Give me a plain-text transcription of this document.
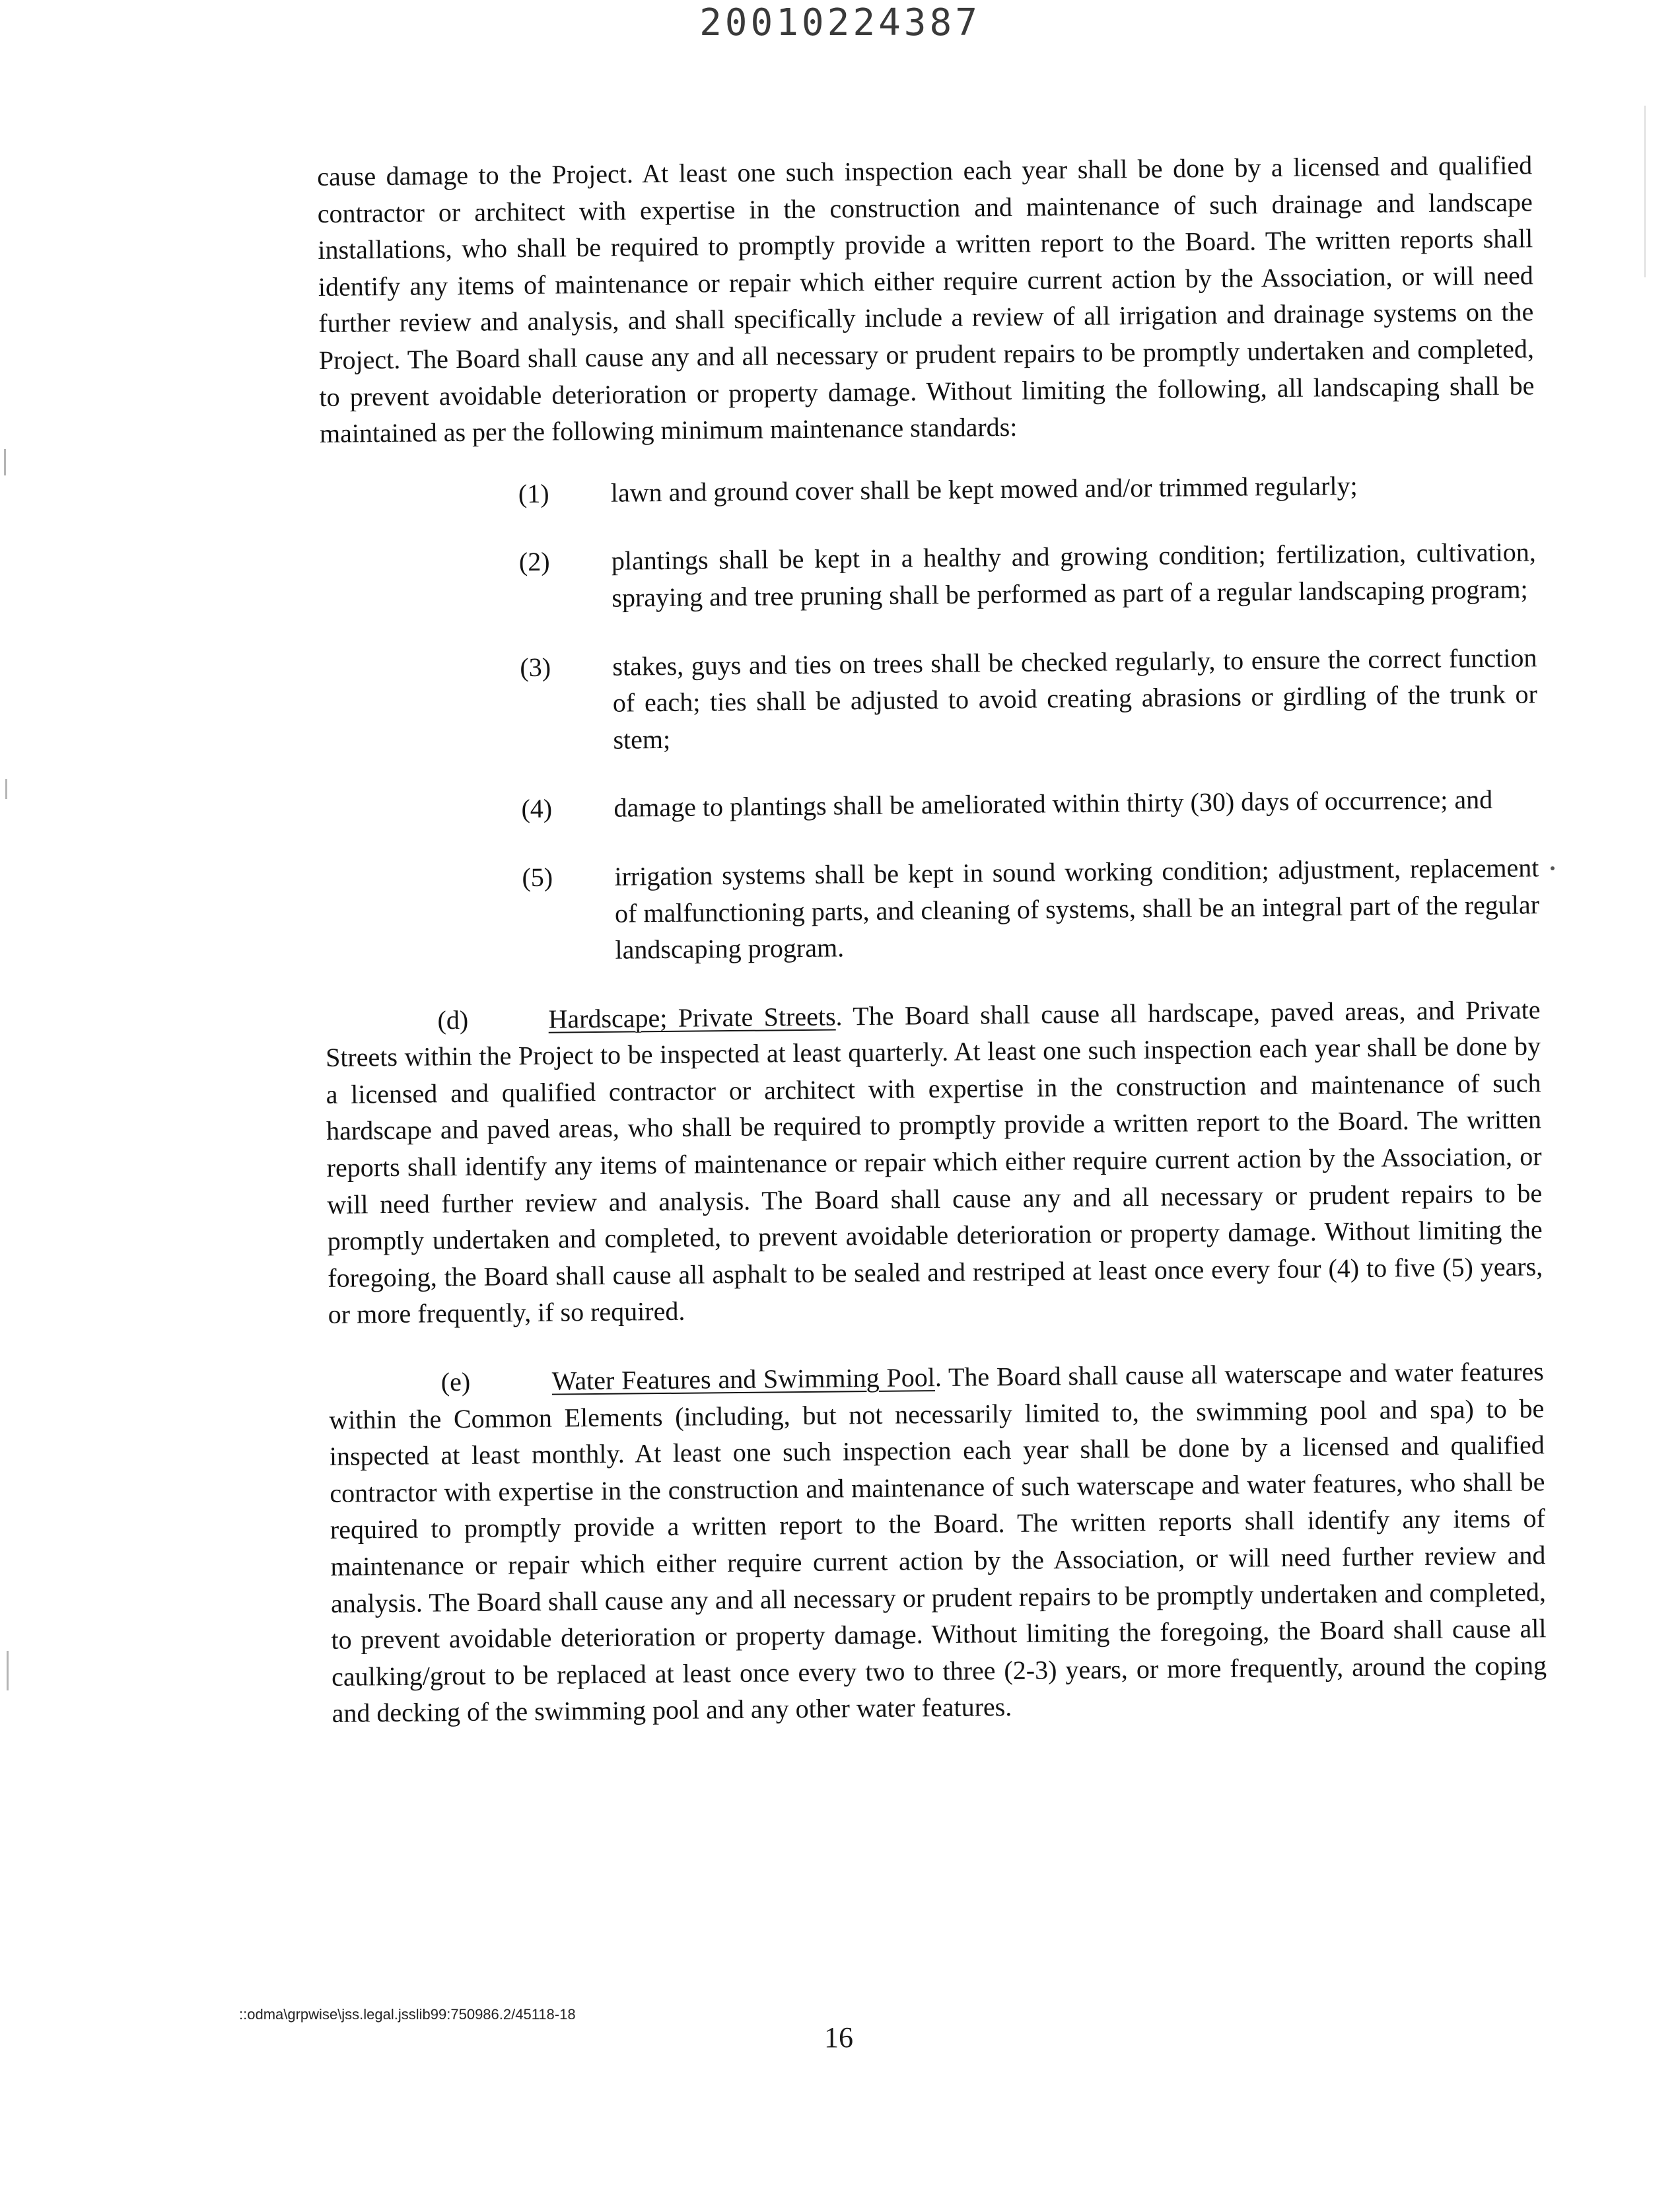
20010224387

cause damage to the Project. At least one such inspection each year shall be done by a licensed and qualified contractor or architect with expertise in the construction and maintenance of such drainage and landscape installations, who shall be required to promptly provide a written report to the Board. The written reports shall identify any items of maintenance or repair which either require current action by the Association, or will need further review and analysis, and shall specifically include a review of all irrigation and drainage systems on the Project. The Board shall cause any and all necessary or prudent repairs to be promptly undertaken and completed, to prevent avoidable deterioration or property damage. Without limiting the following, all landscaping shall be maintained as per the following minimum maintenance standards:

(1)	lawn and ground cover shall be kept mowed and/or trimmed regularly;
(2)	plantings shall be kept in a healthy and growing condition; fertilization, cultivation, spraying and tree pruning shall be performed as part of a regular landscaping program;
(3)	stakes, guys and ties on trees shall be checked regularly, to ensure the correct function of each; ties shall be adjusted to avoid creating abrasions or girdling of the trunk or stem;
(4)	damage to plantings shall be ameliorated within thirty (30) days of occurrence; and
(5)	irrigation systems shall be kept in sound working condition; adjustment, replacement of malfunctioning parts, and cleaning of systems, shall be an integral part of the regular landscaping program.

(d)	Hardscape; Private Streets. The Board shall cause all hardscape, paved areas, and Private Streets within the Project to be inspected at least quarterly. At least one such inspection each year shall be done by a licensed and qualified contractor or architect with expertise in the construction and maintenance of such hardscape and paved areas, who shall be required to promptly provide a written report to the Board. The written reports shall identify any items of maintenance or repair which either require current action by the Association, or will need further review and analysis. The Board shall cause any and all necessary or prudent repairs to be promptly undertaken and completed, to prevent avoidable deterioration or property damage. Without limiting the foregoing, the Board shall cause all asphalt to be sealed and restriped at least once every four (4) to five (5) years, or more frequently, if so required.

(e)	Water Features and Swimming Pool. The Board shall cause all waterscape and water features within the Common Elements (including, but not necessarily limited to, the swimming pool and spa) to be inspected at least monthly. At least one such inspection each year shall be done by a licensed and qualified contractor with expertise in the construction and maintenance of such waterscape and water features, who shall be required to promptly provide a written report to the Board. The written reports shall identify any items of maintenance or repair which either require current action by the Association, or will need further review and analysis. The Board shall cause any and all necessary or prudent repairs to be promptly undertaken and completed, to prevent avoidable deterioration or property damage. Without limiting the foregoing, the Board shall cause all caulking/grout to be replaced at least once every two to three (2-3) years, or more frequently, around the coping and decking of the swimming pool and any other water features.

::odma\grpwise\jss.legal.jsslib99:750986.2/45118-18
16
